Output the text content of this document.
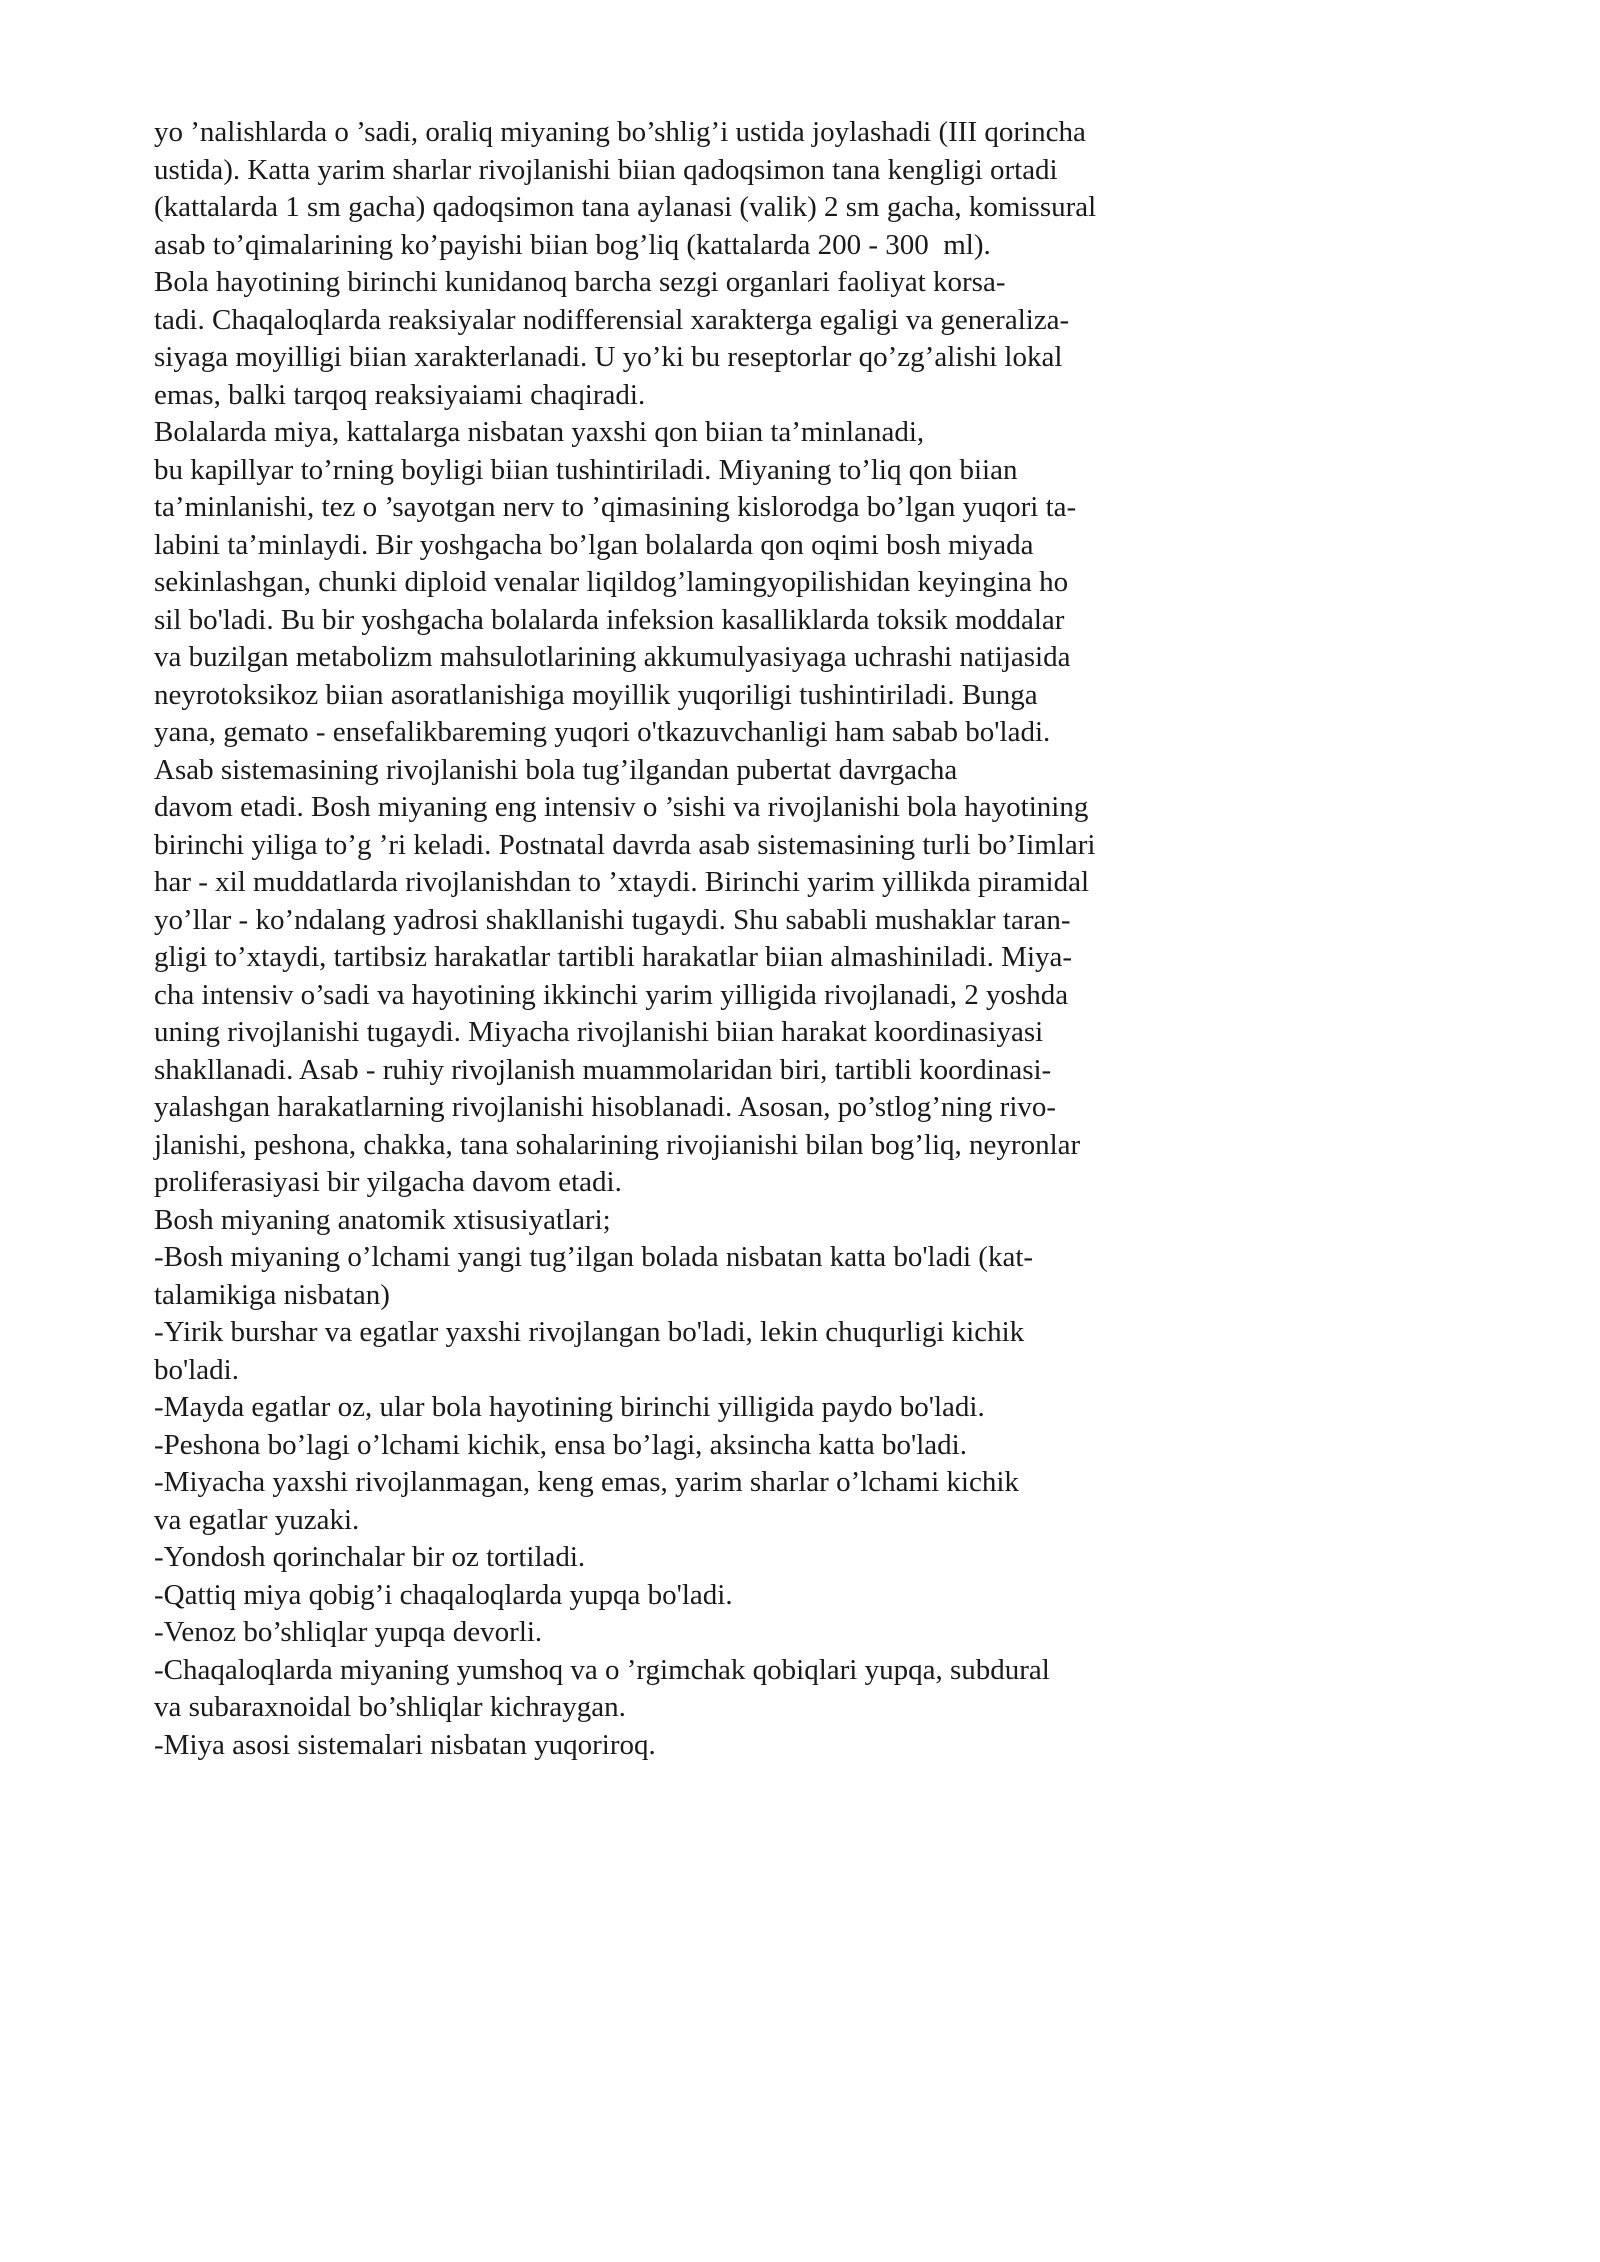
yo ’nalishlarda o ’sadi, oraliq miyaning bo’shlig’i ustida joylashadi (III qorincha
ustida). Katta yarim sharlar rivojlanishi biian qadoqsimon tana kengligi ortadi
(kattalarda 1 sm gacha) qadoqsimon tana aylanasi (valik) 2 sm gacha, komissural
asab to’qimalarining ko’payishi biian bog’liq (kattalarda 200 - 300  ml).
Bola hayotining birinchi kunidanoq barcha sezgi organlari faoliyat korsa-
tadi. Chaqaloqlarda reaksiyalar nodifferensial xarakterga egaligi va generaliza-
siyaga moyilligi biian xarakterlanadi. U yo’ki bu reseptorlar qo’zg’alishi lokal
emas, balki tarqoq reaksiyaiami chaqiradi.
Bolalarda miya, kattalarga nisbatan yaxshi qon biian ta’minlanadi,
bu kapillyar to’rning boyligi biian tushintiriladi. Miyaning to’liq qon biian
ta’minlanishi, tez o ’sayotgan nerv to ’qimasining kislorodga bo’lgan yuqori ta-
labini ta’minlaydi. Bir yoshgacha bo’lgan bolalarda qon oqimi bosh miyada
sekinlashgan, chunki diploid venalar liqildog’lamingyopilishidan keyingina ho
sil bo'ladi. Bu bir yoshgacha bolalarda infeksion kasalliklarda toksik moddalar
va buzilgan metabolizm mahsulotlarining akkumulyasiyaga uchrashi natijasida
neyrotoksikoz biian asoratlanishiga moyillik yuqoriligi tushintiriladi. Bunga
yana, gemato - ensefalikbareming yuqori o'tkazuvchanligi ham sabab bo'ladi.
Asab sistemasining rivojlanishi bola tug’ilgandan pubertat davrgacha
davom etadi. Bosh miyaning eng intensiv o ’sishi va rivojlanishi bola hayotining
birinchi yiliga to’g ’ri keladi. Postnatal davrda asab sistemasining turli bo’Iimlari
har - xil muddatlarda rivojlanishdan to ’xtaydi. Birinchi yarim yillikda piramidal
yo’llar - ko’ndalang yadrosi shakllanishi tugaydi. Shu sababli mushaklar taran-
gligi to’xtaydi, tartibsiz harakatlar tartibli harakatlar biian almashiniladi. Miya-
cha intensiv o’sadi va hayotining ikkinchi yarim yilligida rivojlanadi, 2 yoshda
uning rivojlanishi tugaydi. Miyacha rivojlanishi biian harakat koordinasiyasi
shakllanadi. Asab - ruhiy rivojlanish muammolaridan biri, tartibli koordinasi-
yalashgan harakatlarning rivojlanishi hisoblanadi. Asosan, po’stlog’ning rivo-
jlanishi, peshona, chakka, tana sohalarining rivojianishi bilan bog’liq, neyronlar
proliferasiyasi bir yilgacha davom etadi.
Bosh miyaning anatomik xtisusiyatlari;
-Bosh miyaning o’lchami yangi tug’ilgan bolada nisbatan katta bo'ladi (kat-
talamikiga nisbatan)
-Yirik burshar va egatlar yaxshi rivojlangan bo'ladi, lekin chuqurligi kichik
bo'ladi.
-Mayda egatlar oz, ular bola hayotining birinchi yilligida paydo bo'ladi.
-Peshona bo’lagi o’lchami kichik, ensa bo’lagi, aksincha katta bo'ladi.
-Miyacha yaxshi rivojlanmagan, keng emas, yarim sharlar o’lchami kichik
va egatlar yuzaki.
-Yondosh qorinchalar bir oz tortiladi.
-Qattiq miya qobig’i chaqaloqlarda yupqa bo'ladi.
-Venoz bo’shliqlar yupqa devorli.
-Chaqaloqlarda miyaning yumshoq va o ’rgimchak qobiqlari yupqa, subdural
va subaraxnoidal bo’shliqlar kichraygan.
-Miya asosi sistemalari nisbatan yuqoriroq.
